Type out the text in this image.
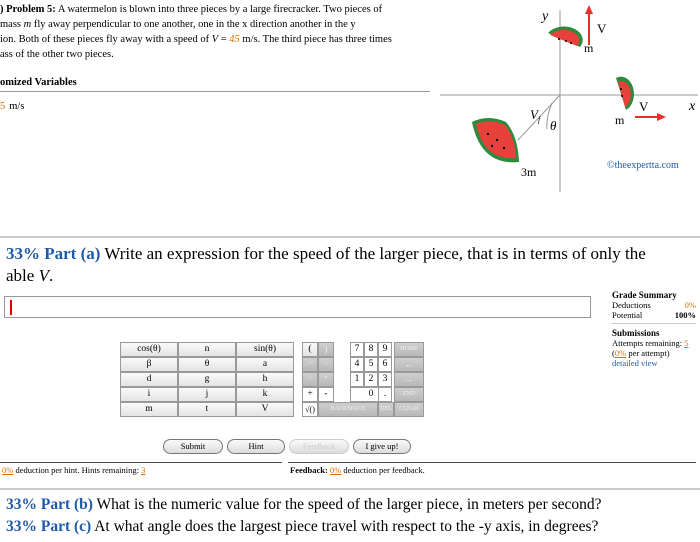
) Problem 5: A watermelon is blown into three pieces by a large firecracker. Two pieces of
mass m fly away perpendicular to one another, one in the x direction another in the y
ion. Both of these pieces fly away with a speed of V = 45 m/s. The third piece has three times
ass of the other two pieces.
omized Variables
5 m/s
y
x
V
m
V
m
$V_f$ θ
3m	©theexpertta.com
33% Part (a) Write an expression for the speed of the larger piece, that is in terms of only the
able V.
Grade Summary
Deductions	0%
Potential	100%
Submissions
Attempts remaining: 5
(0% per attempt)
detailed view
cos(θ)	n	sin(θ)
β	θ	a
d	g	h
i	j	k
m	t	V
(	)	7 8 9	HOME
↑^	^↓	4 5 6	←
/	*	1 2 3	→
+	-	0	.	END
√()	BACKSPACE	DEL	CLEAR
Submit	Hint	Feedback	I give up!
0% deduction per hint. Hints remaining: 3	Feedback: 0% deduction per feedback.
33% Part (b) What is the numeric value for the speed of the larger piece, in meters per second?
33% Part (c) At what angle does the largest piece travel with respect to the -y axis, in degrees?
